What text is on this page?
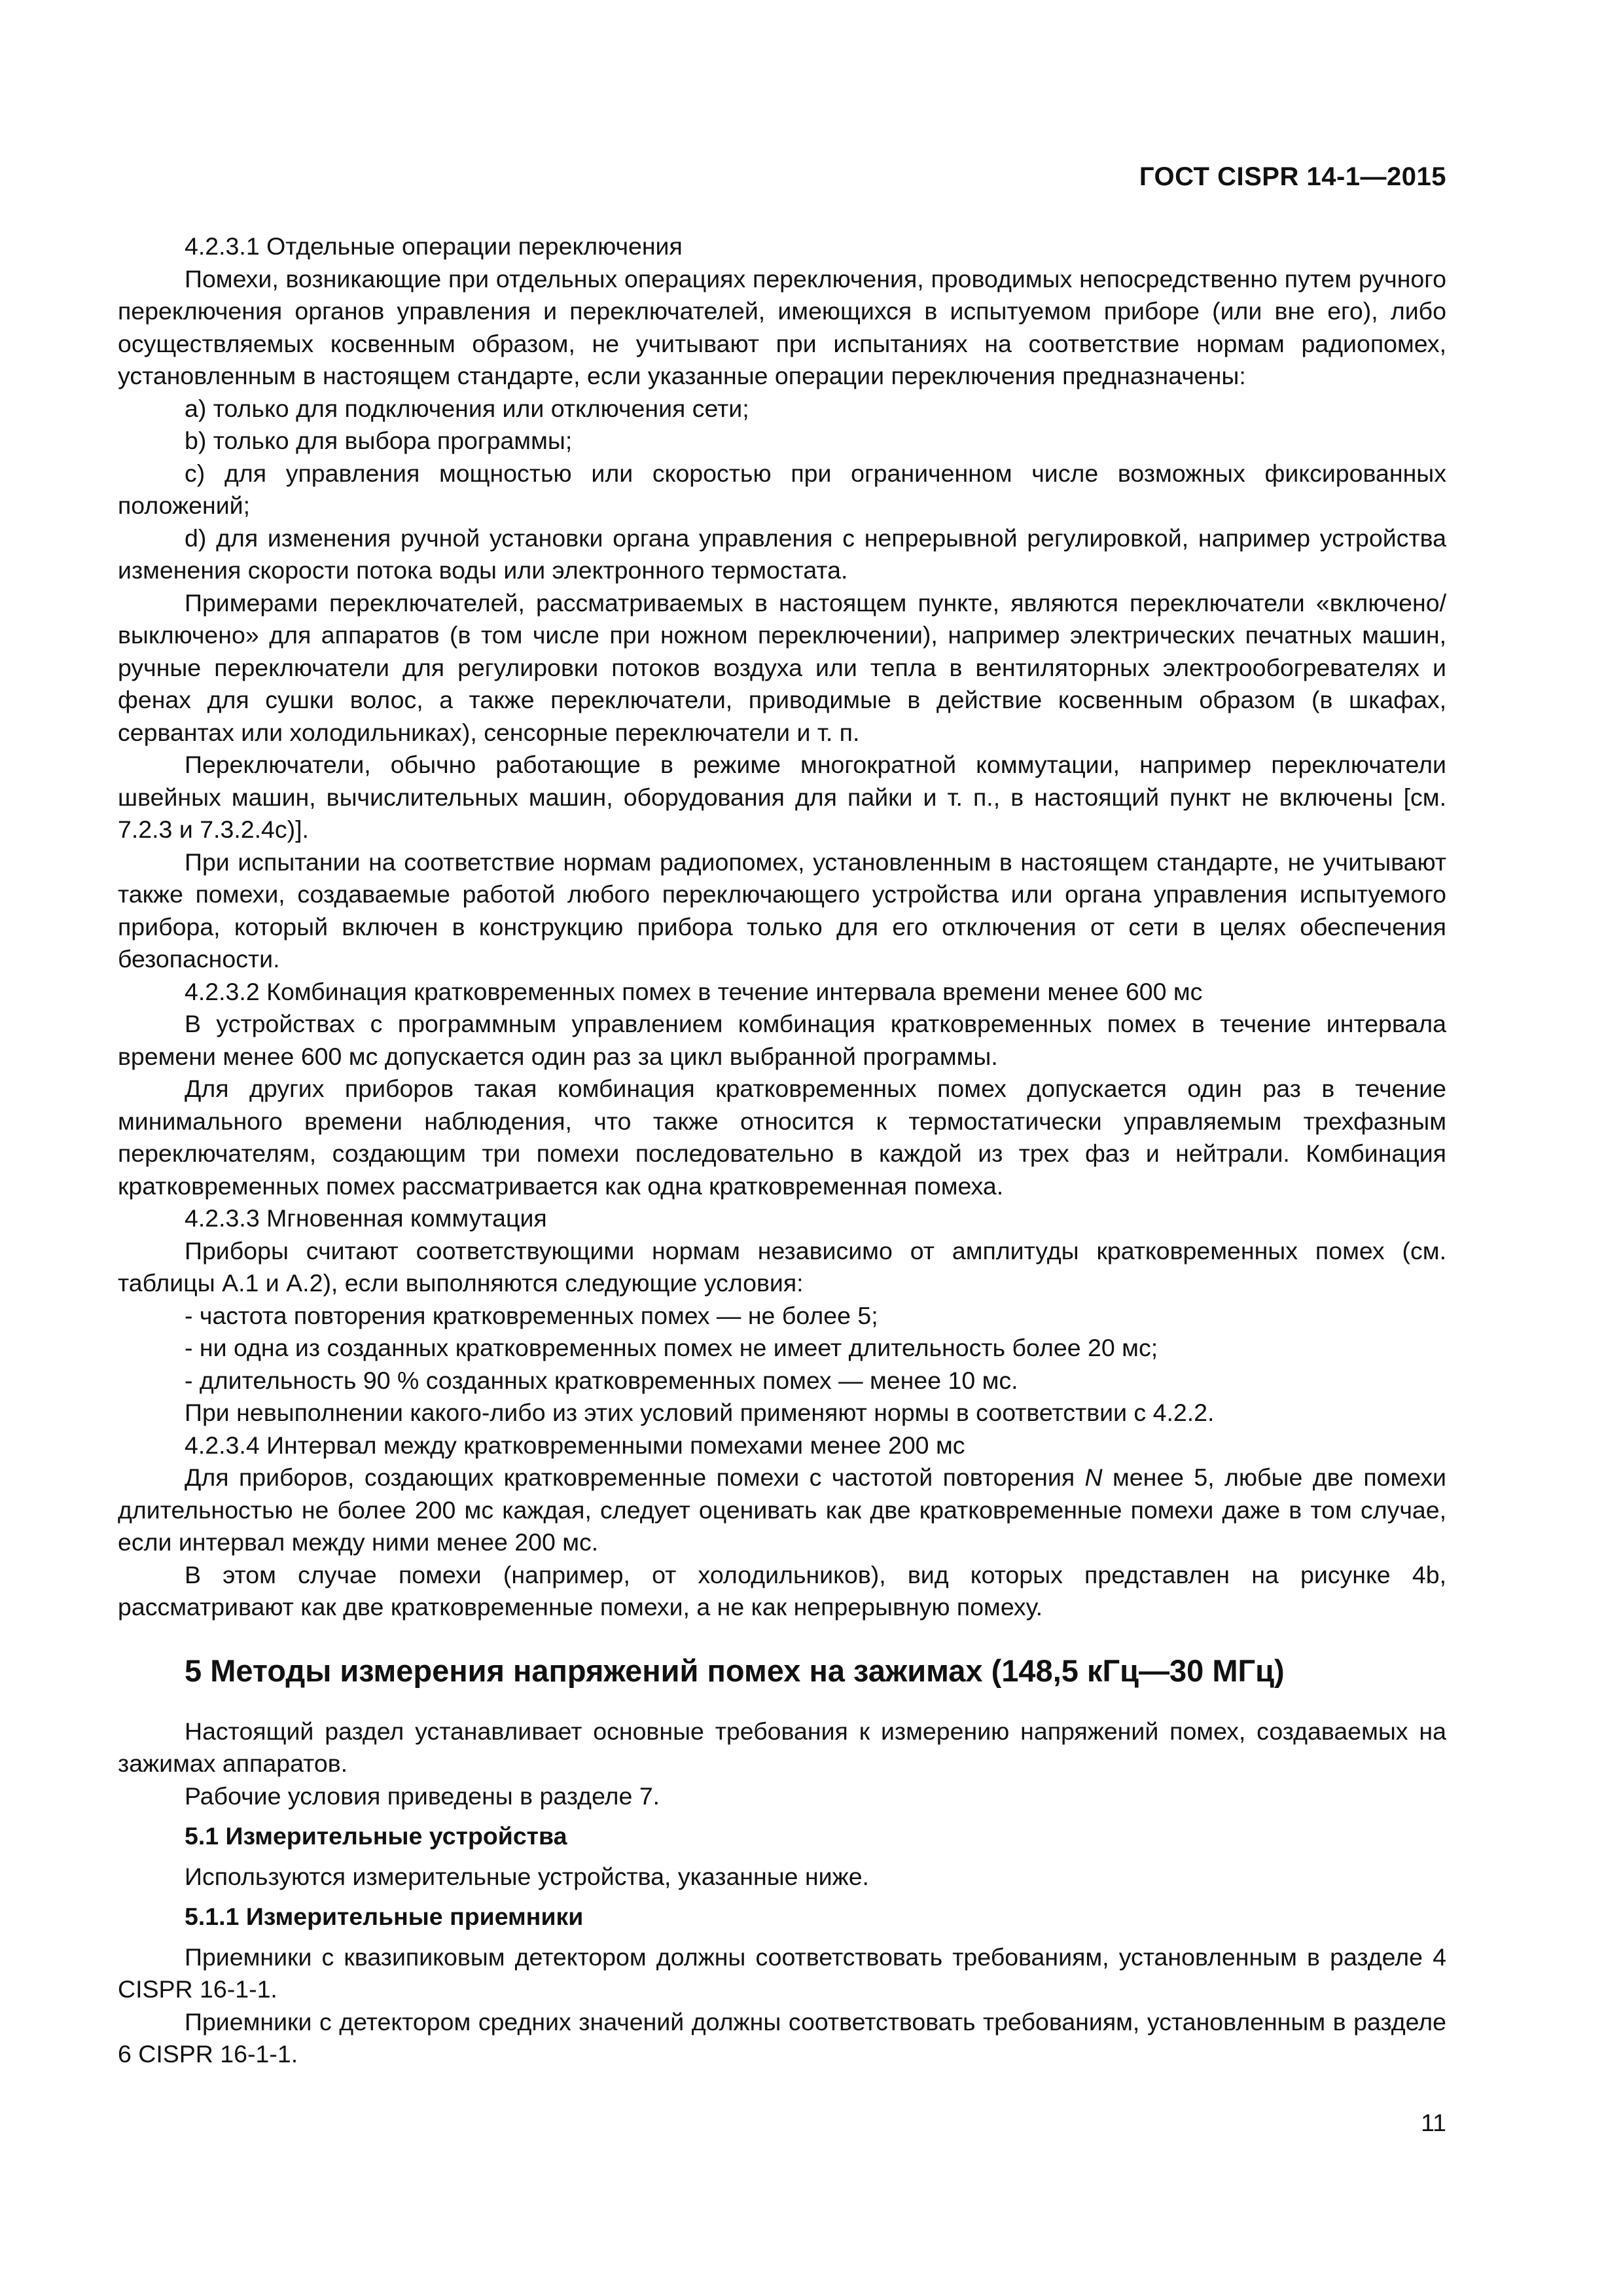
ГОСТ CISPR 14-1—2015

4.2.3.1 Отдельные операции переключения

Помехи, возникающие при отдельных операциях переключения, проводимых непосредственно путем ручного переключения органов управления и переключателей, имеющихся в испытуемом приборе (или вне его), либо осуществляемых косвенным образом, не учитывают при испытаниях на соответствие нормам радиопомех, установленным в настоящем стандарте, если указанные операции переключения предназначены:

a) только для подключения или отключения сети;

b) только для выбора программы;

c) для управления мощностью или скоростью при ограниченном числе возможных фиксированных положений;

d) для изменения ручной установки органа управления с непрерывной регулировкой, например устройства изменения скорости потока воды или электронного термостата.

Примерами переключателей, рассматриваемых в настоящем пункте, являются переключатели «включено/выключено» для аппаратов (в том числе при ножном переключении), например электрических печатных машин, ручные переключатели для регулировки потоков воздуха или тепла в вентиляторных электрообогревателях и фенах для сушки волос, а также переключатели, приводимые в действие косвенным образом (в шкафах, сервантах или холодильниках), сенсорные переключатели и т. п.

Переключатели, обычно работающие в режиме многократной коммутации, например переключатели швейных машин, вычислительных машин, оборудования для пайки и т. п., в настоящий пункт не включены [см. 7.2.3 и 7.3.2.4c)].

При испытании на соответствие нормам радиопомех, установленным в настоящем стандарте, не учитывают также помехи, создаваемые работой любого переключающего устройства или органа управления испытуемого прибора, который включен в конструкцию прибора только для его отключения от сети в целях обеспечения безопасности.

4.2.3.2 Комбинация кратковременных помех в течение интервала времени менее 600 мс

В устройствах с программным управлением комбинация кратковременных помех в течение интервала времени менее 600 мс допускается один раз за цикл выбранной программы.

Для других приборов такая комбинация кратковременных помех допускается один раз в течение минимального времени наблюдения, что также относится к термостатически управляемым трехфазным переключателям, создающим три помехи последовательно в каждой из трех фаз и нейтрали. Комбинация кратковременных помех рассматривается как одна кратковременная помеха.

4.2.3.3 Мгновенная коммутация

Приборы считают соответствующими нормам независимо от амплитуды кратковременных помех (см. таблицы А.1 и А.2), если выполняются следующие условия:

- частота повторения кратковременных помех — не более 5;

- ни одна из созданных кратковременных помех не имеет длительность более 20 мс;

- длительность 90 % созданных кратковременных помех — менее 10 мс.

При невыполнении какого-либо из этих условий применяют нормы в соответствии с 4.2.2.

4.2.3.4 Интервал между кратковременными помехами менее 200 мс

Для приборов, создающих кратковременные помехи с частотой повторения N менее 5, любые две помехи длительностью не более 200 мс каждая, следует оценивать как две кратковременные помехи даже в том случае, если интервал между ними менее 200 мс.

В этом случае помехи (например, от холодильников), вид которых представлен на рисунке 4b, рассматривают как две кратковременные помехи, а не как непрерывную помеху.

5 Методы измерения напряжений помех на зажимах (148,5 кГц—30 МГц)

Настоящий раздел устанавливает основные требования к измерению напряжений помех, создаваемых на зажимах аппаратов.

Рабочие условия приведены в разделе 7.

5.1 Измерительные устройства

Используются измерительные устройства, указанные ниже.

5.1.1 Измерительные приемники

Приемники с квазипиковым детектором должны соответствовать требованиям, установленным в разделе 4 CISPR 16-1-1.

Приемники с детектором средних значений должны соответствовать требованиям, установленным в разделе 6 CISPR 16-1-1.

11
